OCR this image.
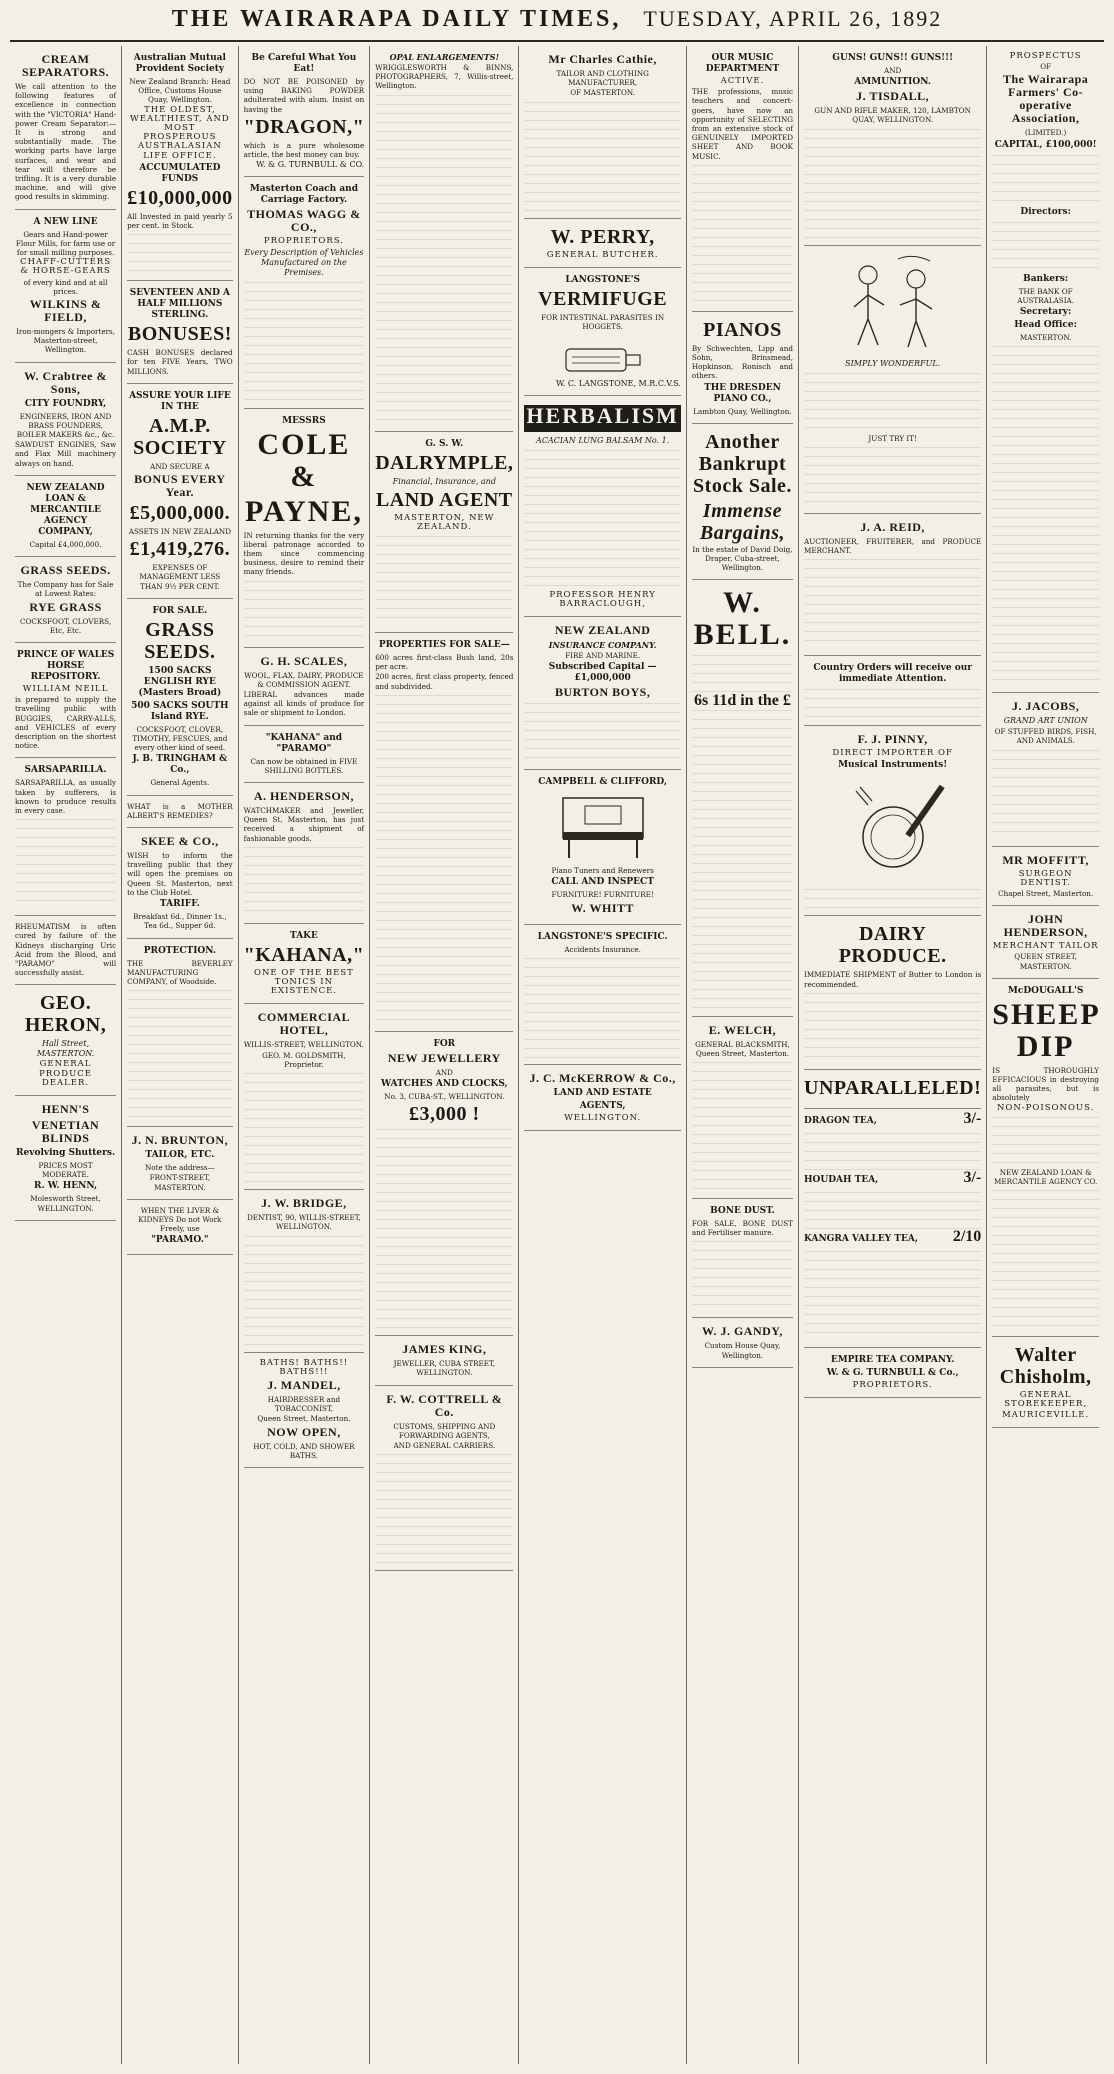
THE WAIRARAPA DAILY TIMES, TUESDAY, APRIL 26, 1892
CREAM SEPARATORS.

We call attention to the following features of excellence in connection with the "VICTORIA" Hand-power Cream Separator:— It is strong and substantially made. The working parts have large surfaces, and wear and tear will therefore be trifling. It is a very durable machine, and will give good results in skimming.

A NEW LINE

Gears and Hand-power Flour Mills, for farm use or for small milling purposes.

CHAFF-CUTTERS & HORSE-GEARS

of every kind and at all prices.

WILKINS & FIELD,

Iron-mongers & Importers, Masterton-street, Wellington.

W. Crabtree & Sons,
CITY FOUNDRY,

ENGINEERS, IRON AND BRASS FOUNDERS, BOILER MAKERS &c., &c.

SAWDUST ENGINES, Saw and Flax Mill machinery always on hand.

NEW ZEALAND LOAN & MERCANTILE AGENCY COMPANY,

Capital £4,000,000.

GRASS SEEDS.

The Company has for Sale at Lowest Rates:

RYE GRASS

COCKSFOOT, CLOVERS, Etc, Etc.

PRINCE OF WALES HORSE REPOSITORY.

WILLIAM NEILL

is prepared to supply the travelling public with BUGGIES, CARRY-ALLS, and VEHICLES of every description on the shortest notice.

SARSAPARILLA.

SARSAPARILLA, as usually taken by sufferers, is known to produce results in every case.

RHEUMATISM is often cured by failure of the Kidneys discharging Uric Acid from the Blood, and "PARAMO" will successfully assist.

GEO. HERON,

Hall Street, MASTERTON.

GENERAL PRODUCE DEALER.

HENN'S
VENETIAN BLINDS
Revolving Shutters.

PRICES MOST MODERATE.

R. W. HENN,

Molesworth Street, WELLINGTON.

Australian Mutual Provident Society

New Zealand Branch: Head Office, Customs House Quay, Wellington.

THE OLDEST, WEALTHIEST, AND MOST PROSPEROUS AUSTRALASIAN LIFE OFFICE.

ACCUMULATED FUNDS
£10,000,000

All Invested in paid yearly 5 per cent. in Stock.

SEVENTEEN AND A HALF MILLIONS STERLING.
BONUSES!

CASH BONUSES declared for ten FIVE Years, TWO MILLIONS.

ASSURE YOUR LIFE IN THE
A.M.P. SOCIETY

AND SECURE A

BONUS EVERY Year.
£5,000,000.

ASSETS IN NEW ZEALAND

£1,419,276.

EXPENSES OF MANAGEMENT LESS THAN 9½ PER CENT.

FOR SALE.
GRASS SEEDS.
1500 SACKS ENGLISH RYE (Masters Broad)
500 SACKS SOUTH Island RYE.

COCKSFOOT, CLOVER, TIMOTHY, FESCUES, and every other kind of seed.

J. B. TRINGHAM & Co.,

General Agents.

WHAT is a MOTHER ALBERT'S REMEDIES?

SKEE & CO.,

WISH to inform the travelling public that they will open the premises on Queen St. Masterton, next to the Club Hotel.

TARIFF.

Breakfast 6d., Dinner 1s., Tea 6d., Supper 6d.

PROTECTION.

THE BEVERLEY MANUFACTURING COMPANY, of Woodside.

J. N. BRUNTON,
TAILOR, ETC.

Note the address—

FRONT-STREET, MASTERTON.

WHEN THE LIVER & KIDNEYS Do not Work Freely, use

"PARAMO."
Be Careful What You Eat!

DO NOT BE POISONED by using BAKING POWDER adulterated with alum. Insist on having the

"DRAGON,"

which is a pure wholesome article, the best money can buy.

W. & G. TURNBULL & CO.

Masterton Coach and Carriage Factory.
THOMAS WAGG & CO.,

PROPRIETORS.

Every Description of Vehicles Manufactured on the Premises.

MESSRS
COLE &
PAYNE,

IN returning thanks for the very liberal patronage accorded to them since commencing business, desire to remind their many friends.

G. H. SCALES,

WOOL, FLAX, DAIRY, PRODUCE & COMMISSION AGENT.

LIBERAL advances made against all kinds of produce for sale or shipment to London.

"KAHANA" and "PARAMO"

Can now be obtained in FIVE SHILLING BOTTLES.

A. HENDERSON,

WATCHMAKER and Jeweller, Queen St, Masterton, has just received a shipment of fashionable goods.

TAKE
"KAHANA,"

ONE OF THE BEST TONICS IN EXISTENCE.

COMMERCIAL HOTEL,

WILLIS-STREET, WELLINGTON.

GEO. M. GOLDSMITH, Proprietor.

J. W. BRIDGE,

DENTIST, 90, WILLIS-STREET, WELLINGTON.

BATHS! BATHS!! BATHS!!!

J. MANDEL,

HAIRDRESSER and TOBACCONIST,

Queen Street, Masterton.

NOW OPEN,

HOT, COLD, AND SHOWER BATHS.

OPAL ENLARGEMENTS!

WRIGGLESWORTH & BINNS, PHOTOGRAPHERS, 7, Willis-street, Wellington.

G. S. W.
DALRYMPLE,

Financial, Insurance, and

LAND AGENT

MASTERTON, NEW ZEALAND.

PROPERTIES FOR SALE—

600 acres first-class Bush land, 20s per acre.

200 acres, first class property, fenced and subdivided.

FOR
NEW JEWELLERY

AND

WATCHES AND CLOCKS,

No. 3, CUBA-ST., WELLINGTON.

£3,000 !
JAMES KING,

JEWELLER, CUBA STREET, WELLINGTON.

F. W. COTTRELL & Co.

CUSTOMS, SHIPPING AND FORWARDING AGENTS,

AND GENERAL CARRIERS.

Mr Charles Cathie,

TAILOR AND CLOTHING MANUFACTURER,

OF MASTERTON.

W. PERRY,

GENERAL BUTCHER.

LANGSTONE'S
VERMIFUGE

FOR INTESTINAL PARASITES IN HOGGETS.

W. C. LANGSTONE, M.R.C.V.S.

HERBALISM

ACACIAN LUNG BALSAM No. 1.

PROFESSOR HENRY BARRACLOUGH,

NEW ZEALAND
INSURANCE COMPANY.

FIRE AND MARINE.

Subscribed Capital — £1,000,000
BURTON BOYS,
CAMPBELL & CLIFFORD,

Piano Tuners and Renewers

CALL AND INSPECT

FURNITURE! FURNITURE!

W. WHITT
LANGSTONE'S SPECIFIC.

Accidents Insurance.

J. C. McKERROW & Co.,
LAND AND ESTATE
AGENTS,

WELLINGTON.

OUR MUSIC DEPARTMENT

ACTIVE.

THE professions, music teachers and concert-goers, have now an opportunity of SELECTING from an extensive stock of GENUINELY IMPORTED SHEET AND BOOK MUSIC.

PIANOS

By Schwechten, Lipp and Sohn, Brinsmead, Hopkinson, Ronisch and others.

THE DRESDEN PIANO CO.,

Lambton Quay, Wellington.

Another Bankrupt Stock Sale.
Immense Bargains,

In the estate of David Doig, Draper, Cuba-street, Wellington.

W. BELL.

6s 11d in the £

E. WELCH,

GENERAL BLACKSMITH, Queen Street, Masterton.

BONE DUST.

FOR SALE, BONE DUST and Fertiliser manure.

W. J. GANDY,

Custom House Quay, Wellington.

GUNS! GUNS!! GUNS!!!

AND

AMMUNITION.
J. TISDALL,

GUN AND RIFLE MAKER, 120, LAMBTON QUAY, WELLINGTON.

SIMPLY WONDERFUL.

JUST TRY IT!

J. A. REID,

AUCTIONEER, FRUITERER, and PRODUCE MERCHANT.

Country Orders will receive our immediate Attention.
F. J. PINNY,

DIRECT IMPORTER OF

Musical Instruments!
DAIRY PRODUCE.

IMMEDIATE SHIPMENT of Butter to London is recommended.

UNPARALLELED!
DRAGON TEA,	3/-
HOUDAH TEA,	3/-
KANGRA VALLEY TEA, 2/10
EMPIRE TEA COMPANY.
W. & G. TURNBULL & Co.,

PROPRIETORS.

PROSPECTUS

OF

The Wairarapa Farmers' Co-operative Association,

(LIMITED.)

CAPITAL, £100,000!
Directors:
Bankers:

THE BANK OF AUSTRALASIA.

Secretary:
Head Office:

MASTERTON.

J. JACOBS,

GRAND ART UNION

OF STUFFED BIRDS, FISH, AND ANIMALS.

MR MOFFITT,

SURGEON DENTIST.

Chapel Street, Masterton.

JOHN HENDERSON,

MERCHANT TAILOR

QUEEN STREET, MASTERTON.

McDOUGALL'S
SHEEP DIP

IS THOROUGHLY EFFICACIOUS in destroying all parasites, but is absolutely

NON-POISONOUS.

NEW ZEALAND LOAN & MERCANTILE AGENCY CO.

Walter Chisholm,

GENERAL STOREKEEPER,

MAURICEVILLE.
